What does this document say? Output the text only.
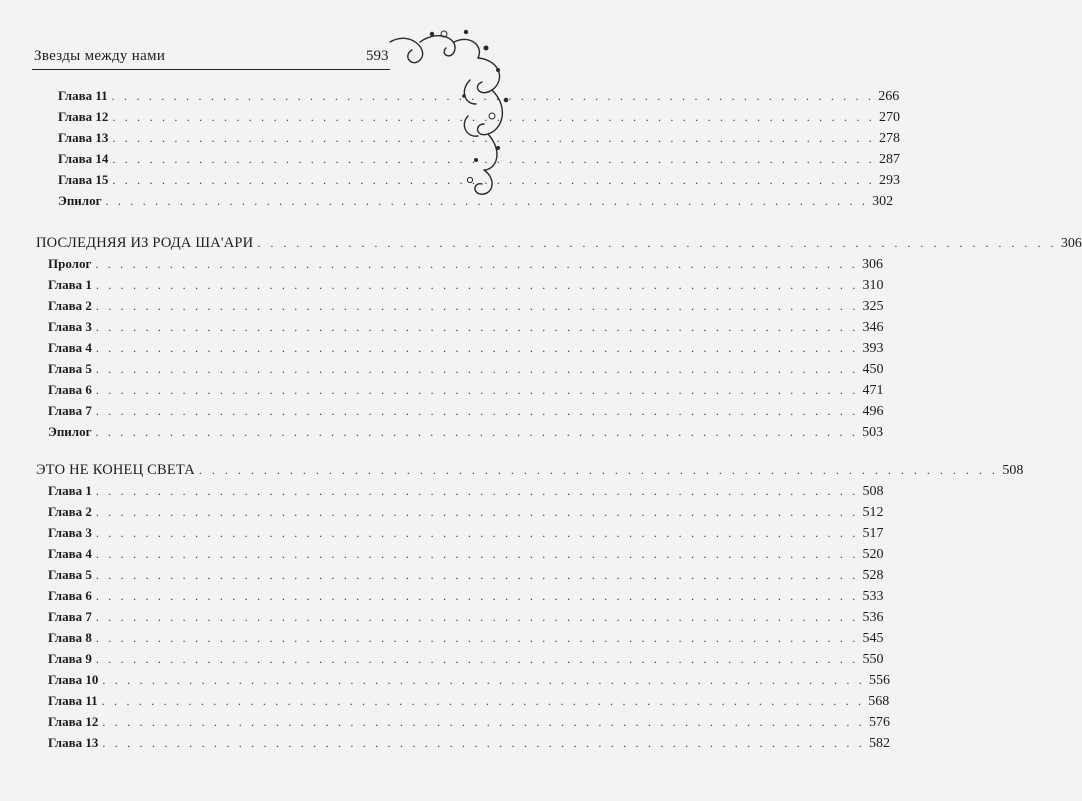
Звезды между нами	593
Глава 11 . . . . . . . . . . . . . . . . . . . . . . . . . . . . . . . . . . . . . . . . . . . . . . . . . . . . . . . . . . . . . . 266
Глава 12 . . . . . . . . . . . . . . . . . . . . . . . . . . . . . . . . . . . . . . . . . . . . . . . . . . . . . . . . . . . . . . 270
Глава 13 . . . . . . . . . . . . . . . . . . . . . . . . . . . . . . . . . . . . . . . . . . . . . . . . . . . . . . . . . . . . . . 278
Глава 14 . . . . . . . . . . . . . . . . . . . . . . . . . . . . . . . . . . . . . . . . . . . . . . . . . . . . . . . . . . . . . . 287
Глава 15 . . . . . . . . . . . . . . . . . . . . . . . . . . . . . . . . . . . . . . . . . . . . . . . . . . . . . . . . . . . . . . 293
Эпилог . . . . . . . . . . . . . . . . . . . . . . . . . . . . . . . . . . . . . . . . . . . . . . . . . . . . . . . . . . . . . . 302
ПОСЛЕДНЯЯ ИЗ РОДА ША'АРИ . . . . . . . . . . . . . . . . . . . . . . . . . . . . . . . . . . . . . . . . . . . . . . . . . . . . . . . . . . . . . . 306
Пролог . . . . . . . . . . . . . . . . . . . . . . . . . . . . . . . . . . . . . . . . . . . . . . . . . . . . . . . . . . . . . . 306
Глава 1 . . . . . . . . . . . . . . . . . . . . . . . . . . . . . . . . . . . . . . . . . . . . . . . . . . . . . . . . . . . . . . 310
Глава 2 . . . . . . . . . . . . . . . . . . . . . . . . . . . . . . . . . . . . . . . . . . . . . . . . . . . . . . . . . . . . . . 325
Глава 3 . . . . . . . . . . . . . . . . . . . . . . . . . . . . . . . . . . . . . . . . . . . . . . . . . . . . . . . . . . . . . . 346
Глава 4 . . . . . . . . . . . . . . . . . . . . . . . . . . . . . . . . . . . . . . . . . . . . . . . . . . . . . . . . . . . . . . 393
Глава 5 . . . . . . . . . . . . . . . . . . . . . . . . . . . . . . . . . . . . . . . . . . . . . . . . . . . . . . . . . . . . . . 450
Глава 6 . . . . . . . . . . . . . . . . . . . . . . . . . . . . . . . . . . . . . . . . . . . . . . . . . . . . . . . . . . . . . . 471
Глава 7 . . . . . . . . . . . . . . . . . . . . . . . . . . . . . . . . . . . . . . . . . . . . . . . . . . . . . . . . . . . . . . 496
Эпилог . . . . . . . . . . . . . . . . . . . . . . . . . . . . . . . . . . . . . . . . . . . . . . . . . . . . . . . . . . . . . . 503
ЭТО НЕ КОНЕЦ СВЕТА . . . . . . . . . . . . . . . . . . . . . . . . . . . . . . . . . . . . . . . . . . . . . . . . . . . . . . . . . . . . . . 508
Глава 1 . . . . . . . . . . . . . . . . . . . . . . . . . . . . . . . . . . . . . . . . . . . . . . . . . . . . . . . . . . . . . . 508
Глава 2 . . . . . . . . . . . . . . . . . . . . . . . . . . . . . . . . . . . . . . . . . . . . . . . . . . . . . . . . . . . . . . 512
Глава 3 . . . . . . . . . . . . . . . . . . . . . . . . . . . . . . . . . . . . . . . . . . . . . . . . . . . . . . . . . . . . . . 517
Глава 4 . . . . . . . . . . . . . . . . . . . . . . . . . . . . . . . . . . . . . . . . . . . . . . . . . . . . . . . . . . . . . . 520
Глава 5 . . . . . . . . . . . . . . . . . . . . . . . . . . . . . . . . . . . . . . . . . . . . . . . . . . . . . . . . . . . . . . 528
Глава 6 . . . . . . . . . . . . . . . . . . . . . . . . . . . . . . . . . . . . . . . . . . . . . . . . . . . . . . . . . . . . . . 533
Глава 7 . . . . . . . . . . . . . . . . . . . . . . . . . . . . . . . . . . . . . . . . . . . . . . . . . . . . . . . . . . . . . . 536
Глава 8 . . . . . . . . . . . . . . . . . . . . . . . . . . . . . . . . . . . . . . . . . . . . . . . . . . . . . . . . . . . . . . 545
Глава 9 . . . . . . . . . . . . . . . . . . . . . . . . . . . . . . . . . . . . . . . . . . . . . . . . . . . . . . . . . . . . . . 550
Глава 10 . . . . . . . . . . . . . . . . . . . . . . . . . . . . . . . . . . . . . . . . . . . . . . . . . . . . . . . . . . . . . . 556
Глава 11 . . . . . . . . . . . . . . . . . . . . . . . . . . . . . . . . . . . . . . . . . . . . . . . . . . . . . . . . . . . . . . 568
Глава 12 . . . . . . . . . . . . . . . . . . . . . . . . . . . . . . . . . . . . . . . . . . . . . . . . . . . . . . . . . . . . . . 576
Глава 13 . . . . . . . . . . . . . . . . . . . . . . . . . . . . . . . . . . . . . . . . . . . . . . . . . . . . . . . . . . . . . . 582
